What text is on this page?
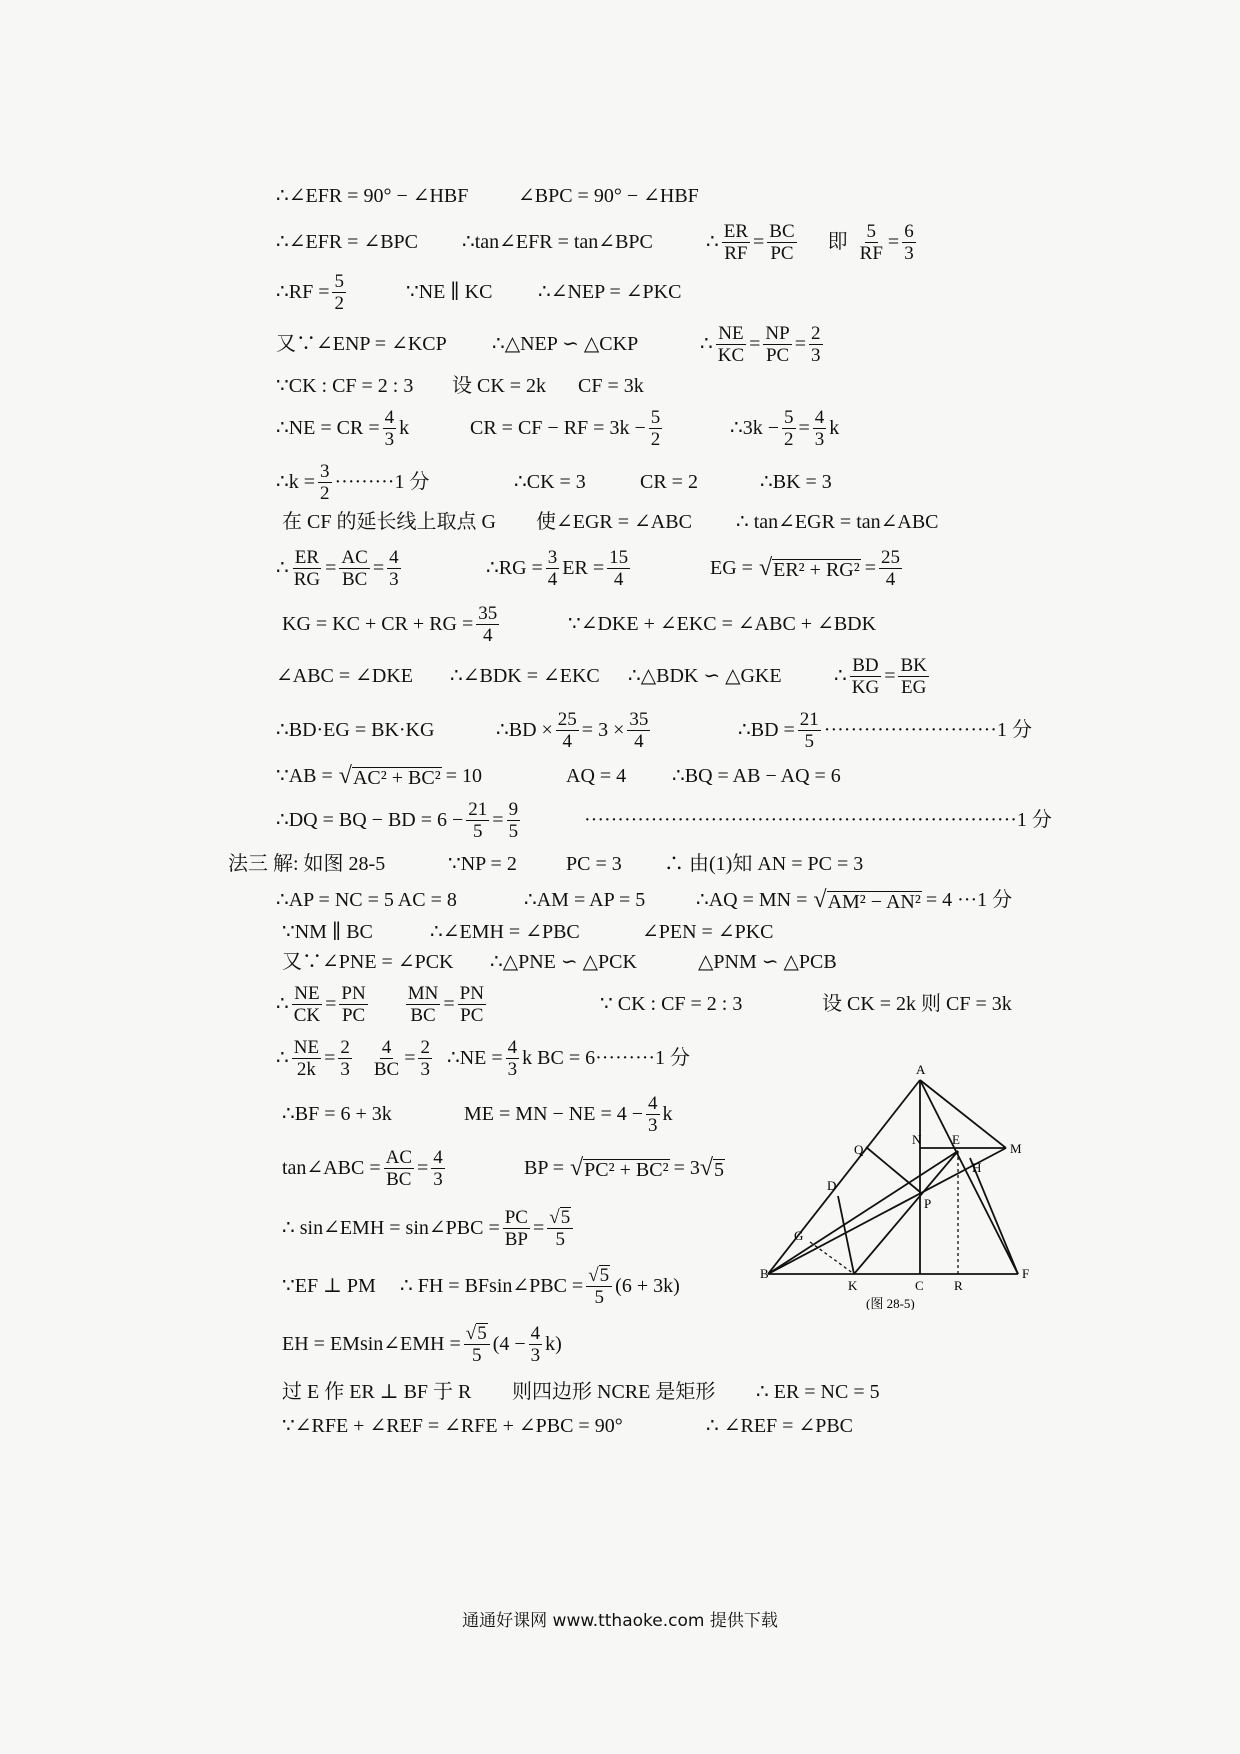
∴∠EFR = 90° − ∠HBF ∠BPC = 90° − ∠HBF
∴∠EFR = ∠BPC ∴tan∠EFR = tan∠BPC	∴ $\frac{ER}{RF} = \frac{BC}{PC}$ 即 $\frac{5}{RF} = \frac{6}{3}$
∴RF = $\frac{5}{2}$	∵NE ∥ KC ∴∠NEP = ∠PKC
又∵∠ENP = ∠KCP ∴△NEP ∽ △CKP	∴ $\frac{NE}{KC} = \frac{NP}{PC} = \frac{2}{3}$
∵CK : CF = 2 : 3 设 CK = 2k CF = 3k
∴NE = CR = $\frac{4}{3}$ k	CR = CF − RF = $3k - \frac{5}{2}$	∴3k − $\frac{5}{2} = \frac{4}{3}$ k
∴k = $\frac{3}{2} \cdot\cdot\cdot\cdot\cdot\cdot\cdot\cdot\cdot 1$ 分	∴CK = 3	CR = 2	∴BK = 3
在 CF 的延长线上取点 G 使∠EGR = ∠ABC ∴ tan∠EGR = tan∠ABC
∴ $\frac{ER}{RG} = \frac{AC}{BC} = \frac{4}{3}$	∴RG = $\frac{3}{4}$ ER = $\frac{15}{4}$	EG = √ $ER^2 + RG^2 = \frac{25}{4}$
KG = KC + CR + RG = $\frac{35}{4}$	∵∠DKE + ∠EKC = ∠ABC + ∠BDK
∠ABC = ∠DKE ∴∠BDK = ∠EKC ∴△BDK ∽ △GKE	∴ $\frac{BD}{KG} = \frac{BK}{EG}$
∴BD·EG = BK·KG	∴BD × $\frac{25}{4} = 3 \times \frac{35}{4}$	∴BD = $\frac{21}{5} \cdot\cdot\cdot\cdot\cdot\cdot\cdot\cdot\cdot\cdot\cdot\cdot\cdot\cdot\cdot\cdot\cdot\cdot\cdot\cdot\cdot\cdot\cdot\cdot\cdot\cdot 1$ 分
∵AB = √ AC² + BC² = 10	AQ = 4 ∴BQ = AB − AQ = 6
∴DQ = BQ − BD = $6 - \frac{21}{5} = \frac{9}{5}$	·································································1 分
法三 解: 如图 28-5	∵NP = 2 PC = 3 ∴ 由(1)知 AN = PC = 3
∴AP = NC = 5 AC = 8	∴AM = AP = 5	∴AQ = MN = √ AM² − AN² = 4 ···1 分
∵NM ∥ BC	∴∠EMH = ∠PBC	∠PEN = ∠PKC
又∵∠PNE = ∠PCK ∴△PNE ∽ △PCK	△PNM ∽ △PCB
∴ $\frac{NE}{CK} = \frac{PN}{PC} \frac{MN}{BC} = \frac{PN}{PC}$	∵ CK : CF = 2 : 3	设 CK = 2k 则 CF = 3k
∴ $\frac{NE}{2k} = \frac{2}{3} \frac{4}{BC} = \frac{2}{3}$ ∴NE = $\frac{4}{3}$ k BC = 6·········1 分
∴BF = 6 + 3k	ME = MN − NE = $4 - \frac{4}{3}$ k
tan∠ABC = $\frac{AC}{BC} = \frac{4}{3}$	BP = √ PC² + BC² = 3 √ 5
∴ sin∠EMH = sin∠PBC = $\frac{PC}{BP} = \frac{√ 5}{5}$
∵EF ⊥ PM ∴ FH = BFsin∠PBC = $\frac{√ 5}{5} (6 + 3k)$
EH = EMsin∠EMH = $\frac{√ 5}{5} (4 - \frac{4}{3} k)$
过 E 作 ER ⊥ BF 于 R 则四边形 NCRE 是矩形 ∴ ER = NC = 5
∵∠RFE + ∠REF = ∠RFE + ∠PBC = 90°	∴ ∠REF = ∠PBC
A
Q
N E
M
H
D
P
G
B
K	C R
F
(图 28-5)
通通好课网 www.tthaoke.com 提供下载
